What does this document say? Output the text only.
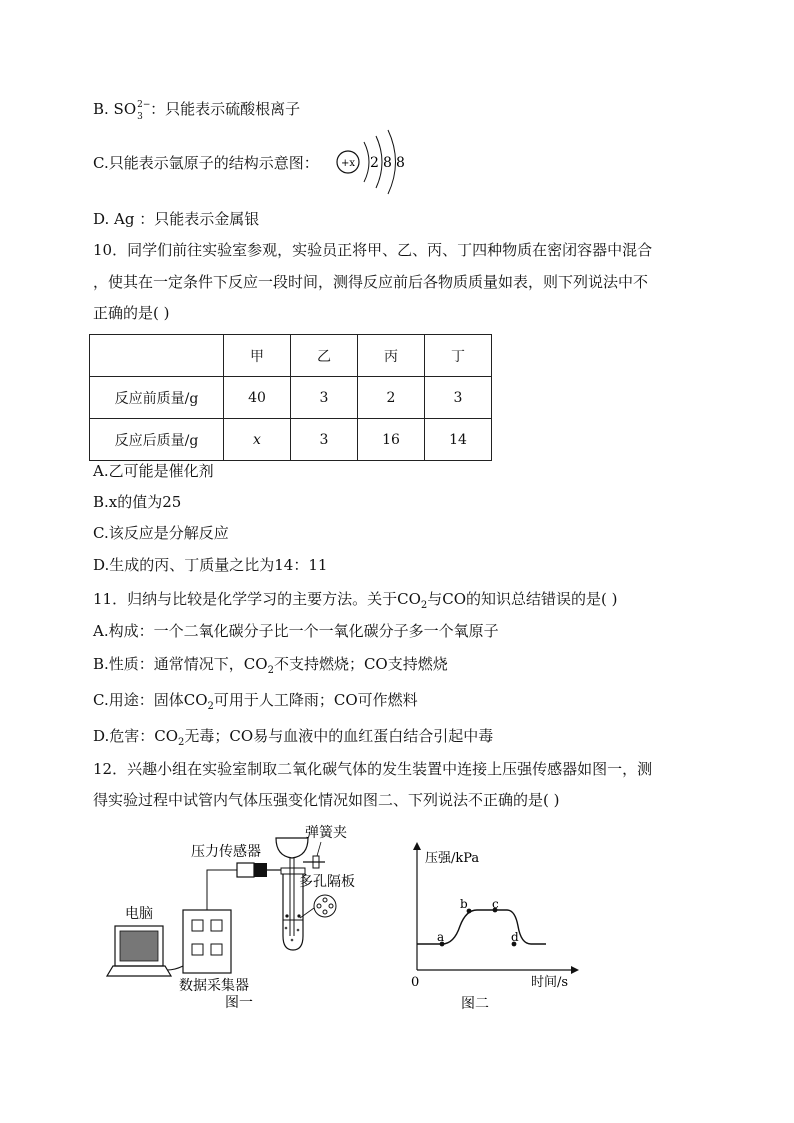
B. SO 2−
3 ：只能表示硫酸根离子
C.只能表示氩原子的结构示意图： +x 2 8 8
D. Ag ：只能表示金属银
10．同学们前往实验室参观，实验员正将甲、乙、丙、丁四种物质在密闭容器中混合
，使其在一定条件下反应一段时间，测得反应前后各物质质量如表，则下列说法中不
正确的是( )
	甲	乙	丙	丁
反应前质量/g	40	3	2	3
反应后质量/g	x	3	16	14
A.乙可能是催化剂
B.x的值为25
C.该反应是分解反应
D.生成的丙、丁质量之比为14：11
11．归纳与比较是化学学习的主要方法。关于$CO_2$与CO的知识总结错误的是( )
A.构成：一个二氧化碳分子比一个一氧化碳分子多一个氧原子
B.性质：通常情况下，$CO_2$不支持燃烧；CO支持燃烧
C.用途：固体$CO_2$可用于人工降雨；CO可作燃料
D.危害：$CO_2$无毒；CO易与血液中的血红蛋白结合引起中毒
12．兴趣小组在实验室制取二氧化碳气体的发生装置中连接上压强传感器如图一，测
得实验过程中试管内气体压强变化情况如图二、下列说法不正确的是( )
电脑
数据采集器
图一
压力传感器
弹簧夹
多孔隔板
压强/kPa
时间/s
0
a
b c
d
图二
